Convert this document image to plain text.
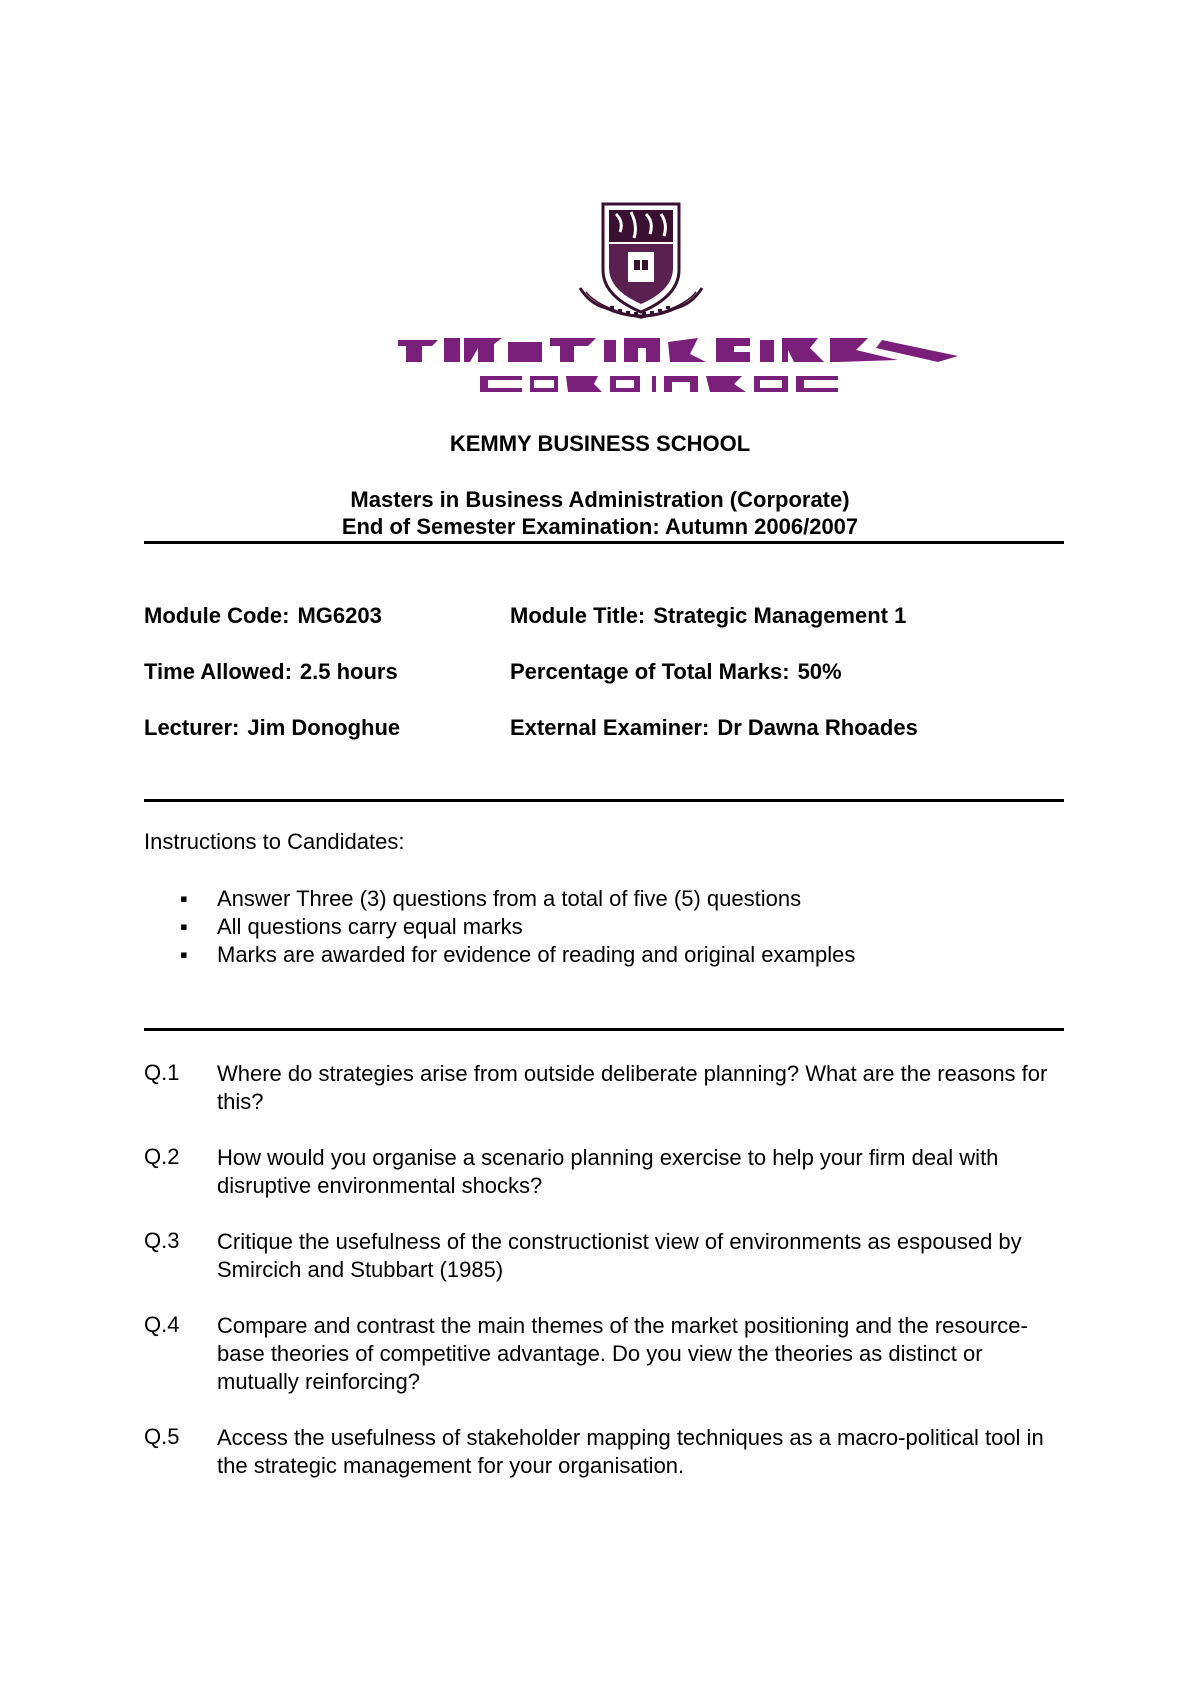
KEMMY BUSINESS SCHOOL
Masters in Business Administration (Corporate)
End of Semester Examination: Autumn 2006/2007
Module Code: MG6203	Module Title: Strategic Management 1
Time Allowed: 2.5 hours	Percentage of Total Marks: 50%
Lecturer: Jim Donoghue	External Examiner: Dr Dawna Rhoades
Instructions to Candidates:
▪ Answer Three (3) questions from a total of five (5) questions
▪ All questions carry equal marks
▪ Marks are awarded for evidence of reading and original examples
Q.1 Where do strategies arise from outside deliberate planning? What are the reasons for this?
Q.2 How would you organise a scenario planning exercise to help your firm deal with disruptive environmental shocks?
Q.3 Critique the usefulness of the constructionist view of environments as espoused by Smircich and Stubbart (1985)
Q.4 Compare and contrast the main themes of the market positioning and the resource-base theories of competitive advantage. Do you view the theories as distinct or mutually reinforcing?
Q.5 Access the usefulness of stakeholder mapping techniques as a macro-political tool in the strategic management for your organisation.
